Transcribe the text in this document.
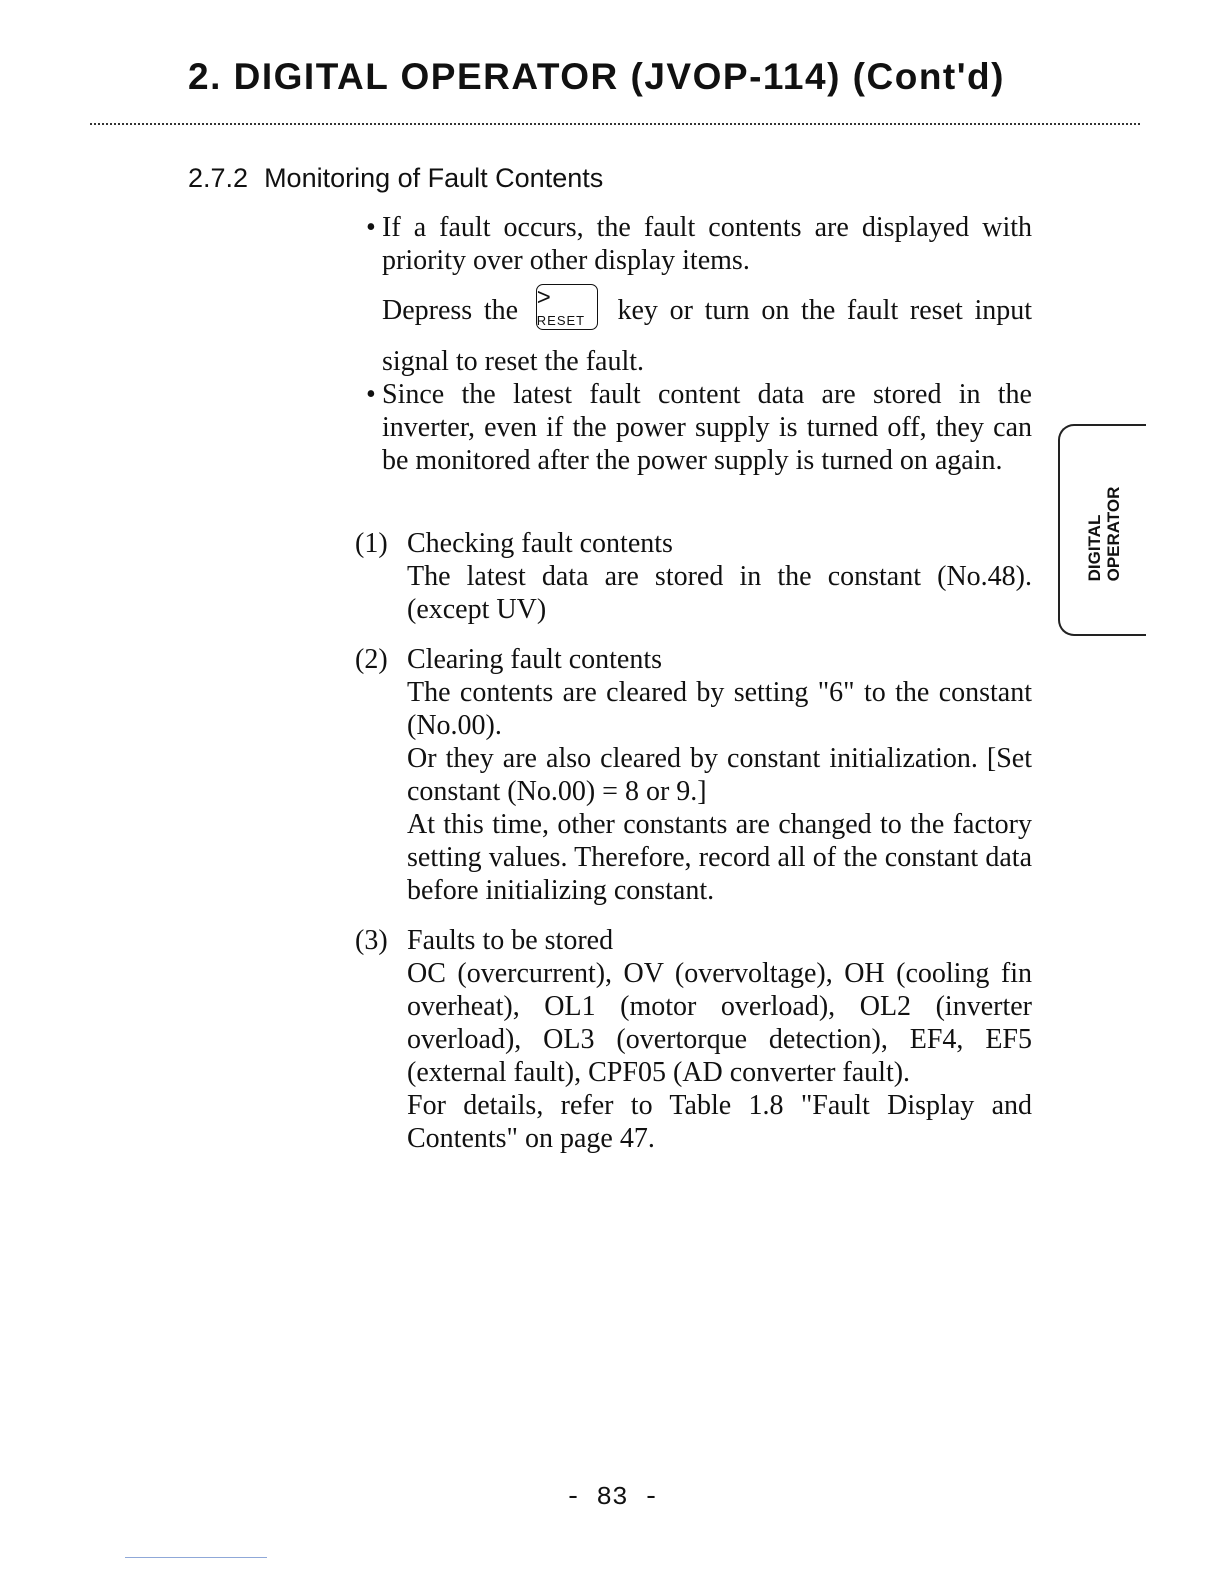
2. DIGITAL OPERATOR (JVOP-114) (Cont'd)
2.7.2 Monitoring of Fault Contents
• If a fault occurs, the fault contents are displayed with priority over other display items.
Depress the >
RESET	key or turn on the fault reset input
signal to reset the fault.
• Since the latest fault content data are stored in the inverter, even if the power supply is turned off, they can be monitored after the power supply is turned on again.
(1) Checking fault contents
The latest data are stored in the constant (No.48). (except UV)
(2) Clearing fault contents
The contents are cleared by setting "6" to the constant (No.00).
Or they are also cleared by constant initialization. [Set constant (No.00) = 8 or 9.]
At this time, other constants are changed to the factory setting values. Therefore, record all of the constant data before initializing constant.
(3) Faults to be stored
OC (overcurrent), OV (overvoltage), OH (cooling fin overheat), OL1 (motor overload), OL2 (inverter overload), OL3 (overtorque detection), EF4, EF5 (external fault), CPF05 (AD converter fault).
For details, refer to Table 1.8 "Fault Display and Contents" on page 47.
DIGITAL OPERATOR
- 83 -
